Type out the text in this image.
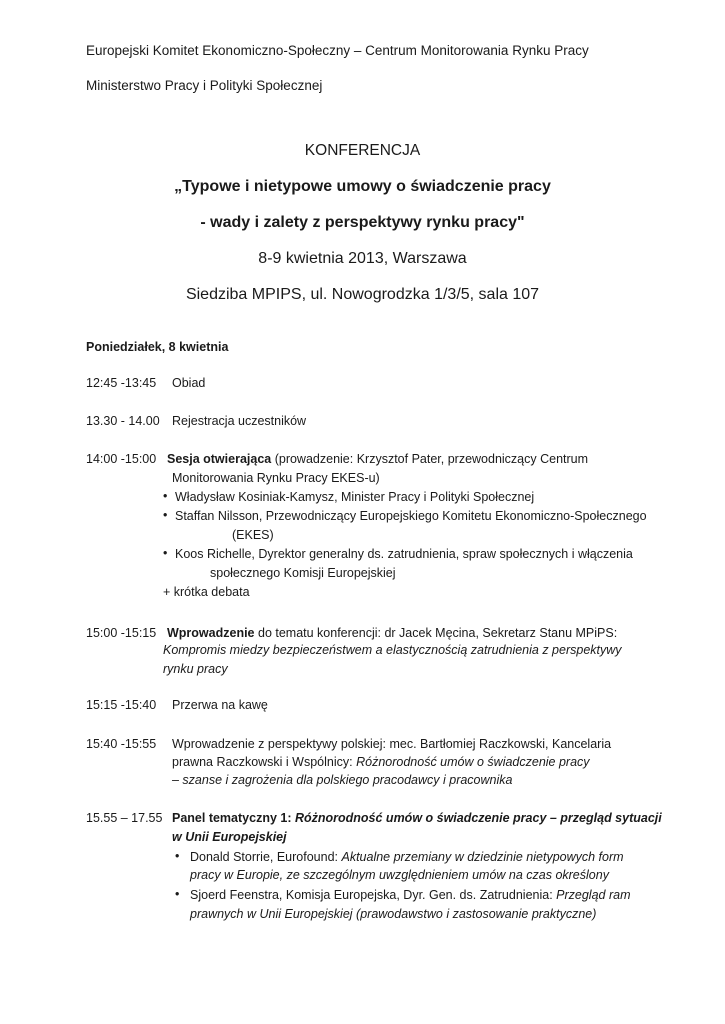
Europejski Komitet Ekonomiczno-Społeczny – Centrum Monitorowania Rynku Pracy
Ministerstwo Pracy i Polityki Społecznej
KONFERENCJA
„Typowe i nietypowe umowy o świadczenie pracy
- wady i zalety z perspektywy rynku pracy"
8-9 kwietnia 2013, Warszawa
Siedziba MPIPS, ul. Nowogrodzka 1/3/5, sala 107
Poniedziałek, 8 kwietnia
12:45 -13:45 Obiad
13.30 - 14.00 Rejestracja uczestników
14:00 -15:00 Sesja otwierająca (prowadzenie: Krzysztof Pater, przewodniczący Centrum
Monitorowania Rynku Pracy EKES-u)
• Władysław Kosiniak-Kamysz, Minister Pracy i Polityki Społecznej
• Staffan Nilsson, Przewodniczący Europejskiego Komitetu Ekonomiczno-Społecznego
(EKES)
• Koos Richelle, Dyrektor generalny ds. zatrudnienia, spraw społecznych i włączenia
społecznego Komisji Europejskiej
+ krótka debata
15:00 -15:15 Wprowadzenie do tematu konferencji: dr Jacek Męcina, Sekretarz Stanu MPiPS:
Kompromis miedzy bezpieczeństwem a elastycznością zatrudnienia z perspektywy
rynku pracy
15:15 -15:40 Przerwa na kawę
15:40 -15:55 Wprowadzenie z perspektywy polskiej: mec. Bartłomiej Raczkowski, Kancelaria
prawna Raczkowski i Wspólnicy: Różnorodność umów o świadczenie pracy
– szanse i zagrożenia dla polskiego pracodawcy i pracownika
15.55 – 17.55 Panel tematyczny 1: Różnorodność umów o świadczenie pracy – przegląd sytuacji
w Unii Europejskiej
• Donald Storrie, Eurofound: Aktualne przemiany w dziedzinie nietypowych form
pracy w Europie, ze szczególnym uwzględnieniem umów na czas określony
• Sjoerd Feenstra, Komisja Europejska, Dyr. Gen. ds. Zatrudnienia: Przegląd ram
prawnych w Unii Europejskiej (prawodawstwo i zastosowanie praktyczne)
